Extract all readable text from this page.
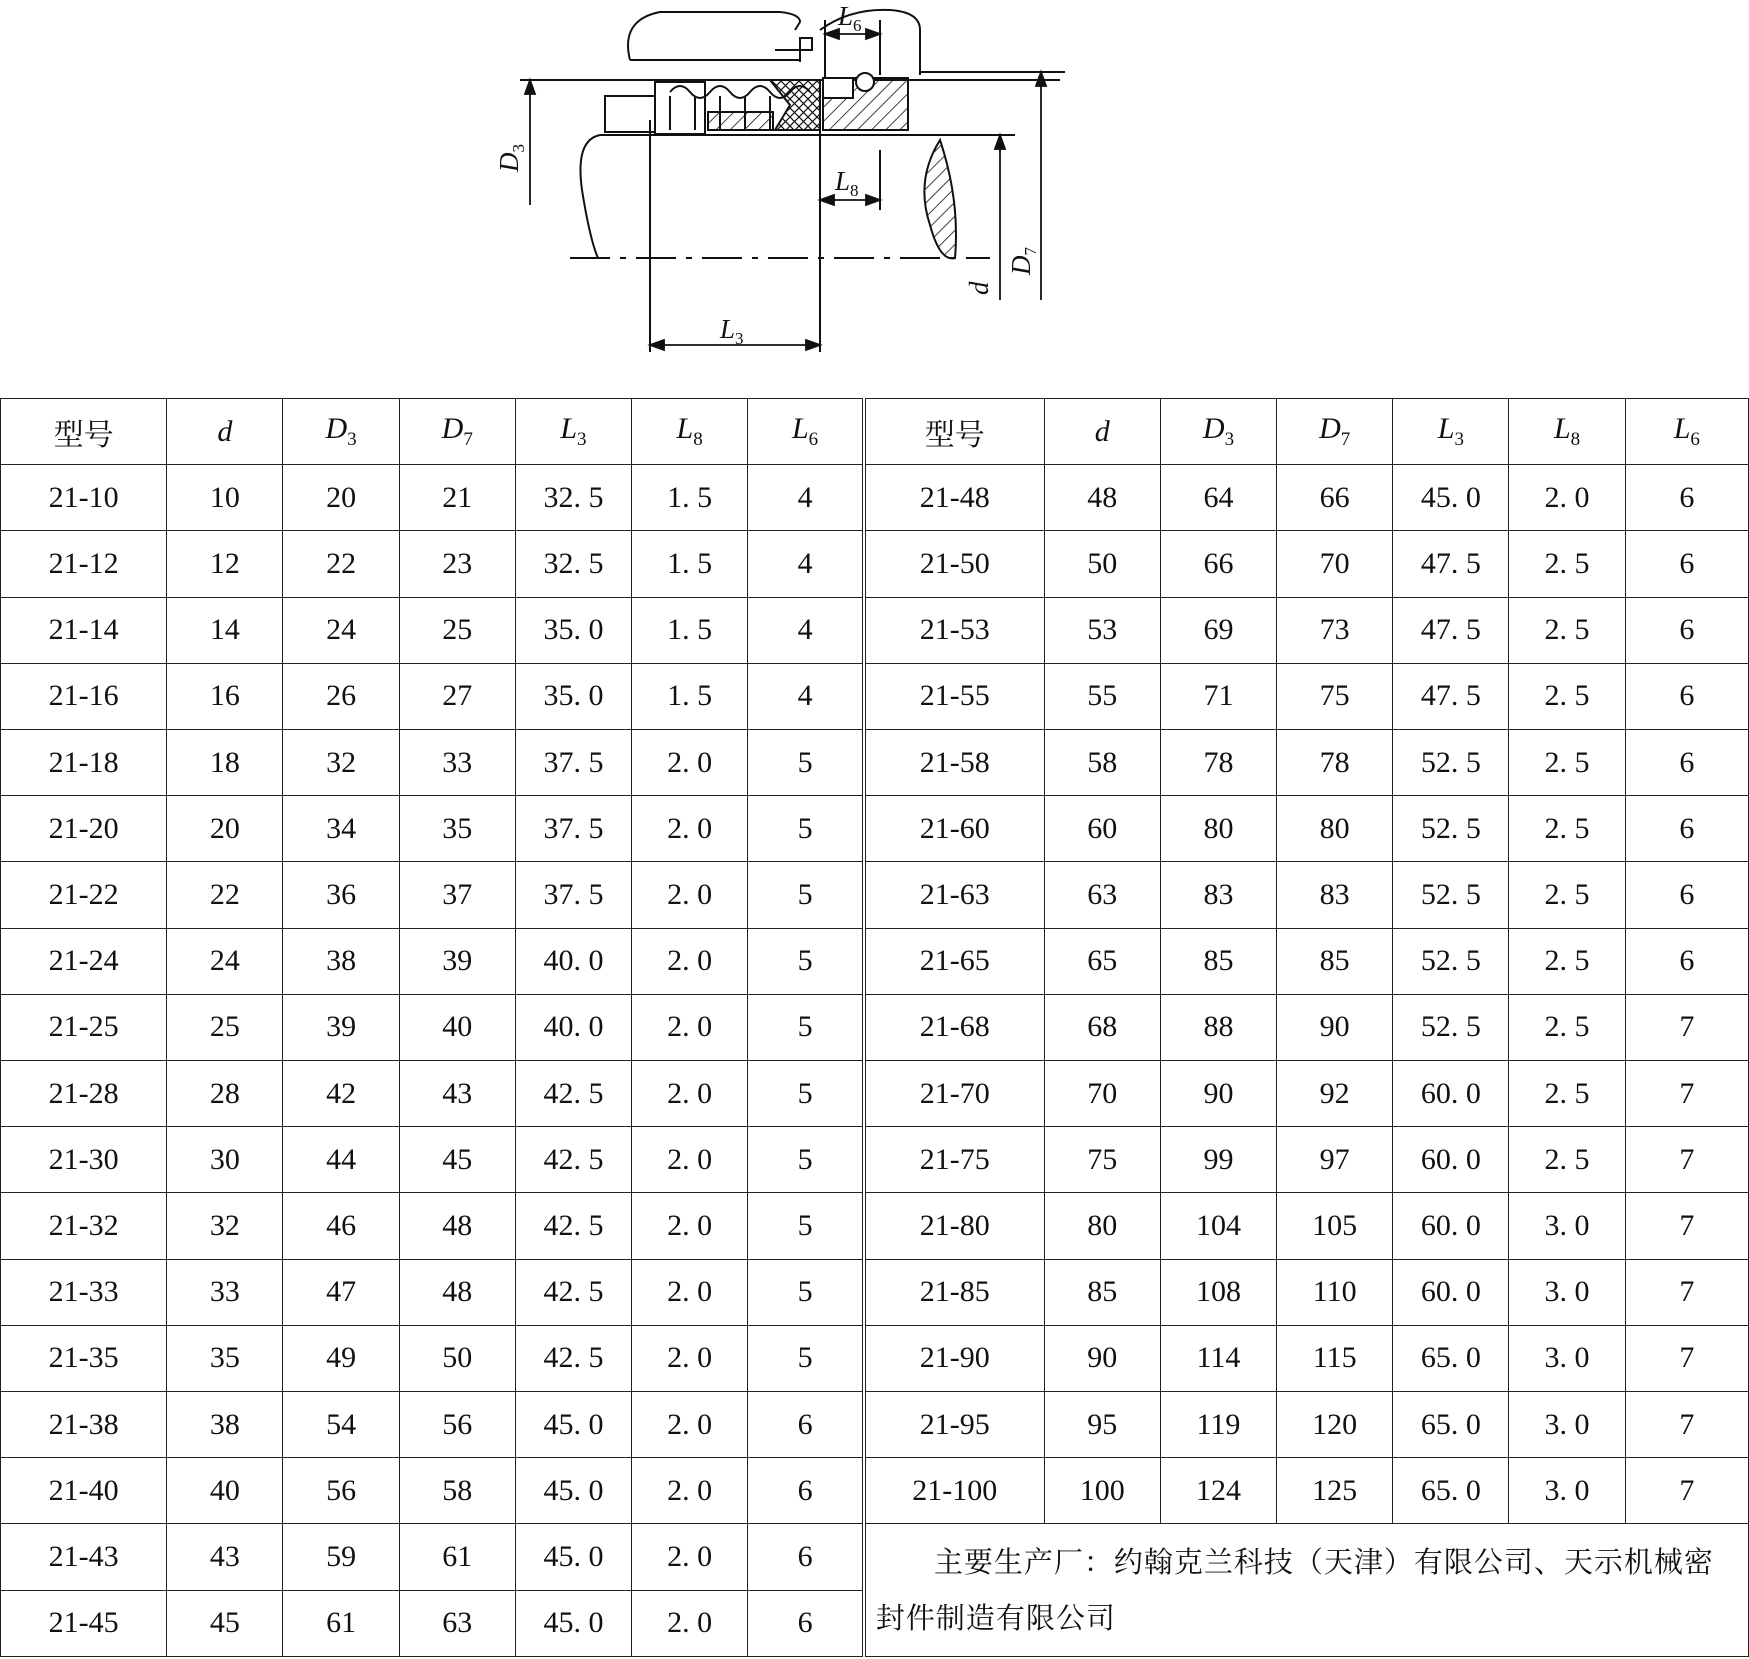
$D_3$
d
$D_7$
$L_3$
$L_8$
$L_6$
型号	d	$D_3$	$D_7$	$L_3$	$L_8$	$L_6$	型号	d	$D_3$	$D_7$	$L_3$	$L_8$	$L_6$
21-10	10	20	21	32. 5	1. 5	4	21-48	48	64	66	45. 0	2. 0	6
21-12	12	22	23	32. 5	1. 5	4	21-50	50	66	70	47. 5	2. 5	6
21-14	14	24	25	35. 0	1. 5	4	21-53	53	69	73	47. 5	2. 5	6
21-16	16	26	27	35. 0	1. 5	4	21-55	55	71	75	47. 5	2. 5	6
21-18	18	32	33	37. 5	2. 0	5	21-58	58	78	78	52. 5	2. 5	6
21-20	20	34	35	37. 5	2. 0	5	21-60	60	80	80	52. 5	2. 5	6
21-22	22	36	37	37. 5	2. 0	5	21-63	63	83	83	52. 5	2. 5	6
21-24	24	38	39	40. 0	2. 0	5	21-65	65	85	85	52. 5	2. 5	6
21-25	25	39	40	40. 0	2. 0	5	21-68	68	88	90	52. 5	2. 5	7
21-28	28	42	43	42. 5	2. 0	5	21-70	70	90	92	60. 0	2. 5	7
21-30	30	44	45	42. 5	2. 0	5	21-75	75	99	97	60. 0	2. 5	7
21-32	32	46	48	42. 5	2. 0	5	21-80	80	104	105	60. 0	3. 0	7
21-33	33	47	48	42. 5	2. 0	5	21-85	85	108	110	60. 0	3. 0	7
21-35	35	49	50	42. 5	2. 0	5	21-90	90	114	115	65. 0	3. 0	7
21-38	38	54	56	45. 0	2. 0	6	21-95	95	119	120	65. 0	3. 0	7
21-40	40	56	58	45. 0	2. 0	6	21-100	100	124	125	65. 0	3. 0	7
21-43	43	59	61	45. 0	2. 0	6	主要生产厂：约翰克兰科技（天津）有限公司、天示机械密封件制造有限公司						

21-45	45	61	63	45. 0	2. 0	6							
